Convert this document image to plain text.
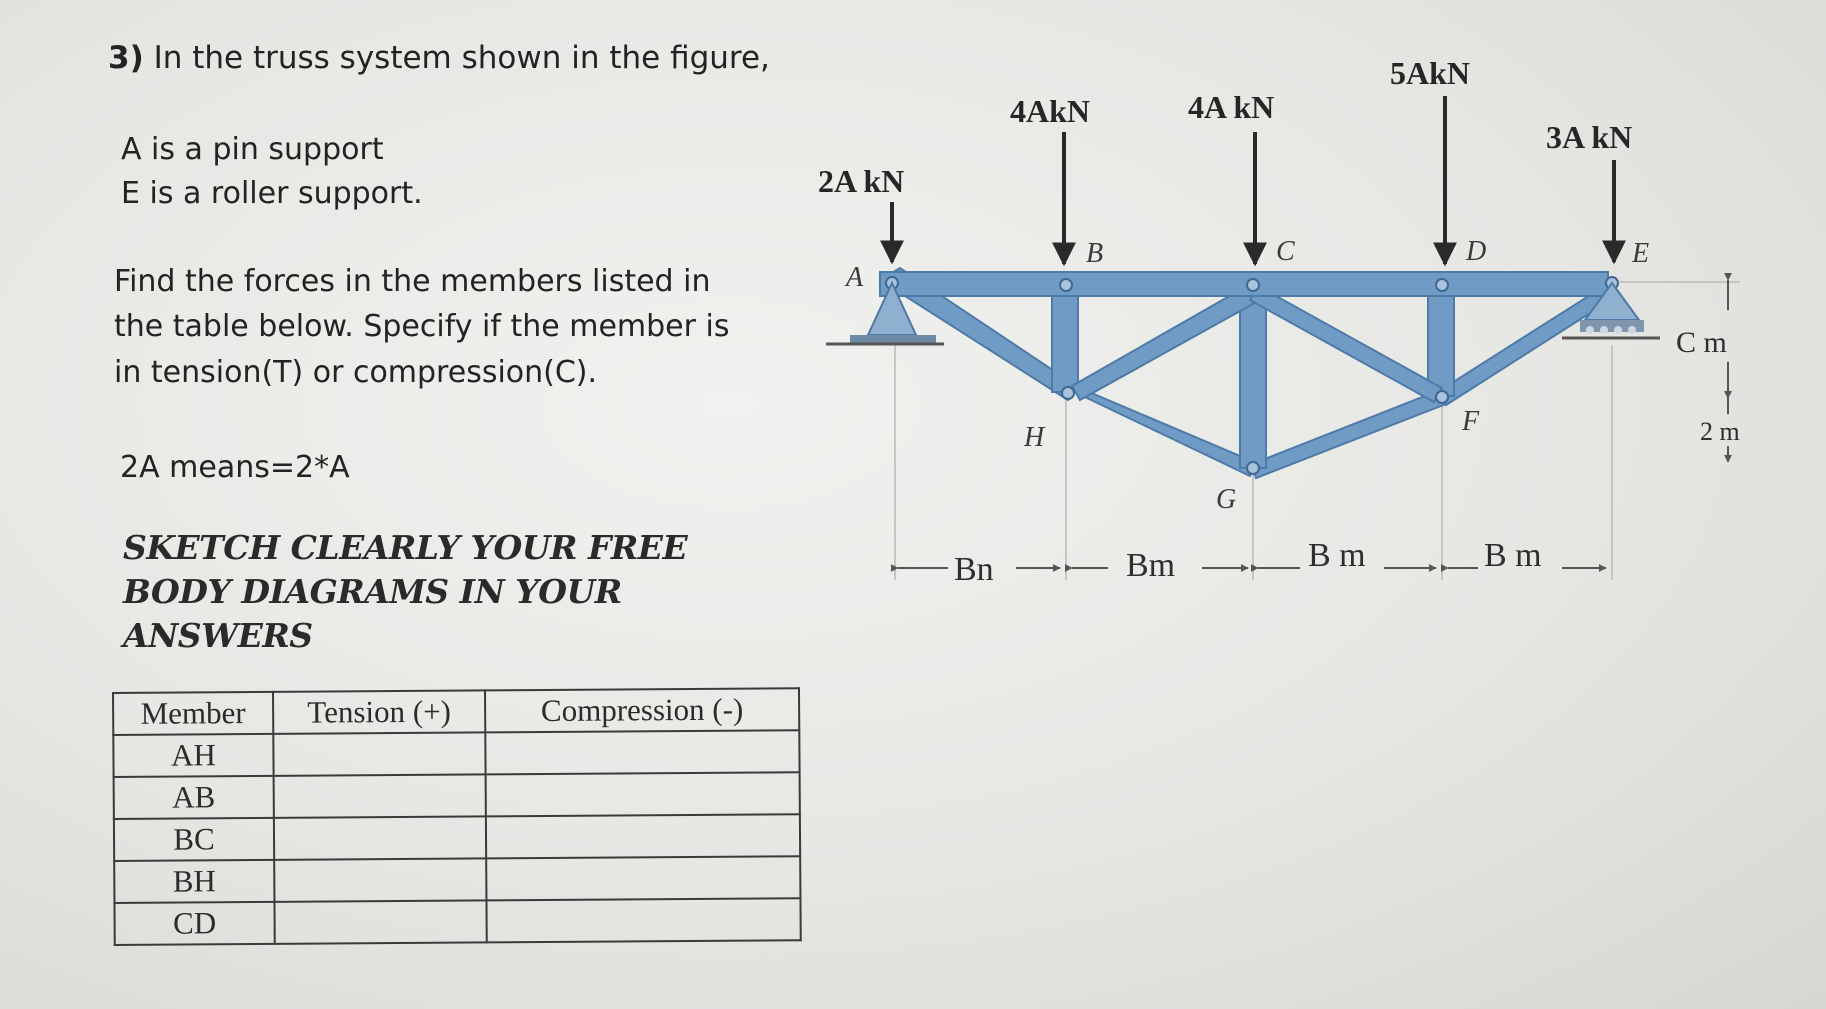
3) In the truss system shown in the figure,
A is a pin support
E is a roller support.
Find the forces in the members listed in
the table below. Specify if the member is
in tension(T) or compression(C).
2A means=2*A
SKETCH CLEARLY YOUR FREE
BODY DIAGRAMS IN YOUR
ANSWERS
Member	Tension (+)	Compression (-)
AH		
AB		
BC		
BH		
CD		
2A kN
4AkN	4A kN
5AkN
3A kN
A
B	C	D	E
H
G
F
Bn	Bm	B m	B m
C m
2 m
